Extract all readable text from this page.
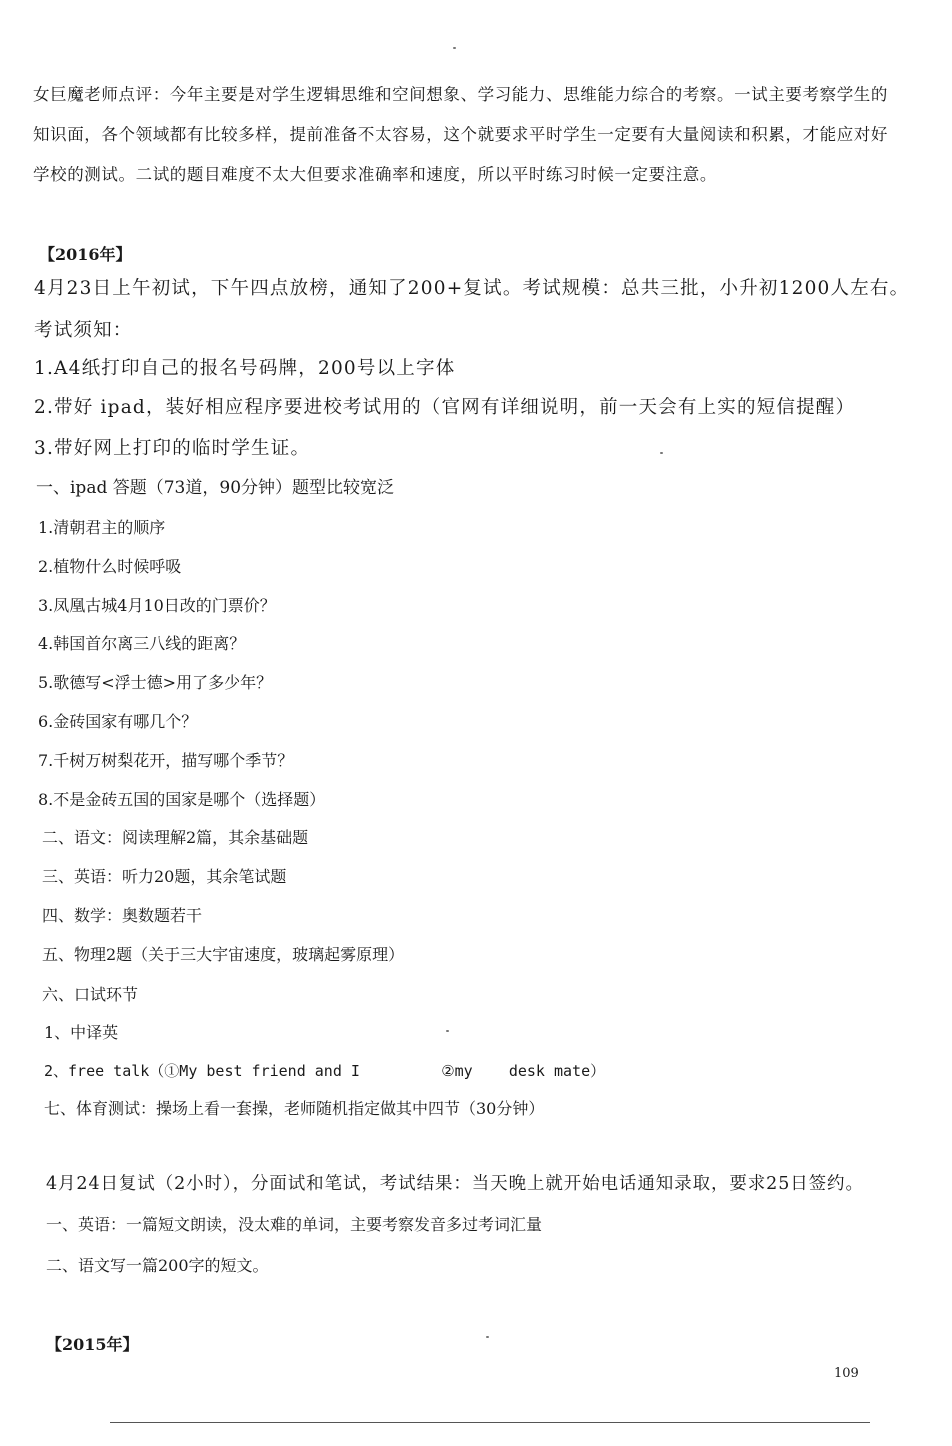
女巨魔老师点评：今年主要是对学生逻辑思维和空间想象、学习能力、思维能力综合的考察。一试主要考察学生的
知识面，各个领域都有比较多样，提前准备不太容易，这个就要求平时学生一定要有大量阅读和积累，才能应对好
学校的测试。二试的题目难度不太大但要求准确率和速度，所以平时练习时候一定要注意。
【2016年】
4月23日上午初试，下午四点放榜，通知了200+复试。考试规模：总共三批，小升初1200人左右。
考试须知：
1.A4纸打印自己的报名号码牌，200号以上字体
2.带好 ipad，装好相应程序要进校考试用的（官网有详细说明，前一天会有上实的短信提醒）
3.带好网上打印的临时学生证。
一、ipad 答题（73道，90分钟）题型比较宽泛
1.清朝君主的顺序
2.植物什么时候呼吸
3.凤凰古城4月10日改的门票价？
4.韩国首尔离三八线的距离？
5.歌德写<浮士德>用了多少年？
6.金砖国家有哪几个？
7.千树万树梨花开，描写哪个季节？
8.不是金砖五国的国家是哪个（选择题）
二、语文：阅读理解2篇，其余基础题
三、英语：听力20题，其余笔试题
四、数学：奥数题若干
五、物理2题（关于三大宇宙速度，玻璃起雾原理）
六、口试环节
1、中译英
2、free talk（①My best friend and I         ②my    desk mate）
七、体育测试：操场上看一套操，老师随机指定做其中四节（30分钟）
4月24日复试（2小时），分面试和笔试，考试结果：当天晚上就开始电话通知录取，要求25日签约。
一、英语：一篇短文朗读，没太难的单词，主要考察发音多过考词汇量
二、语文写一篇200字的短文。
【2015年】
109
